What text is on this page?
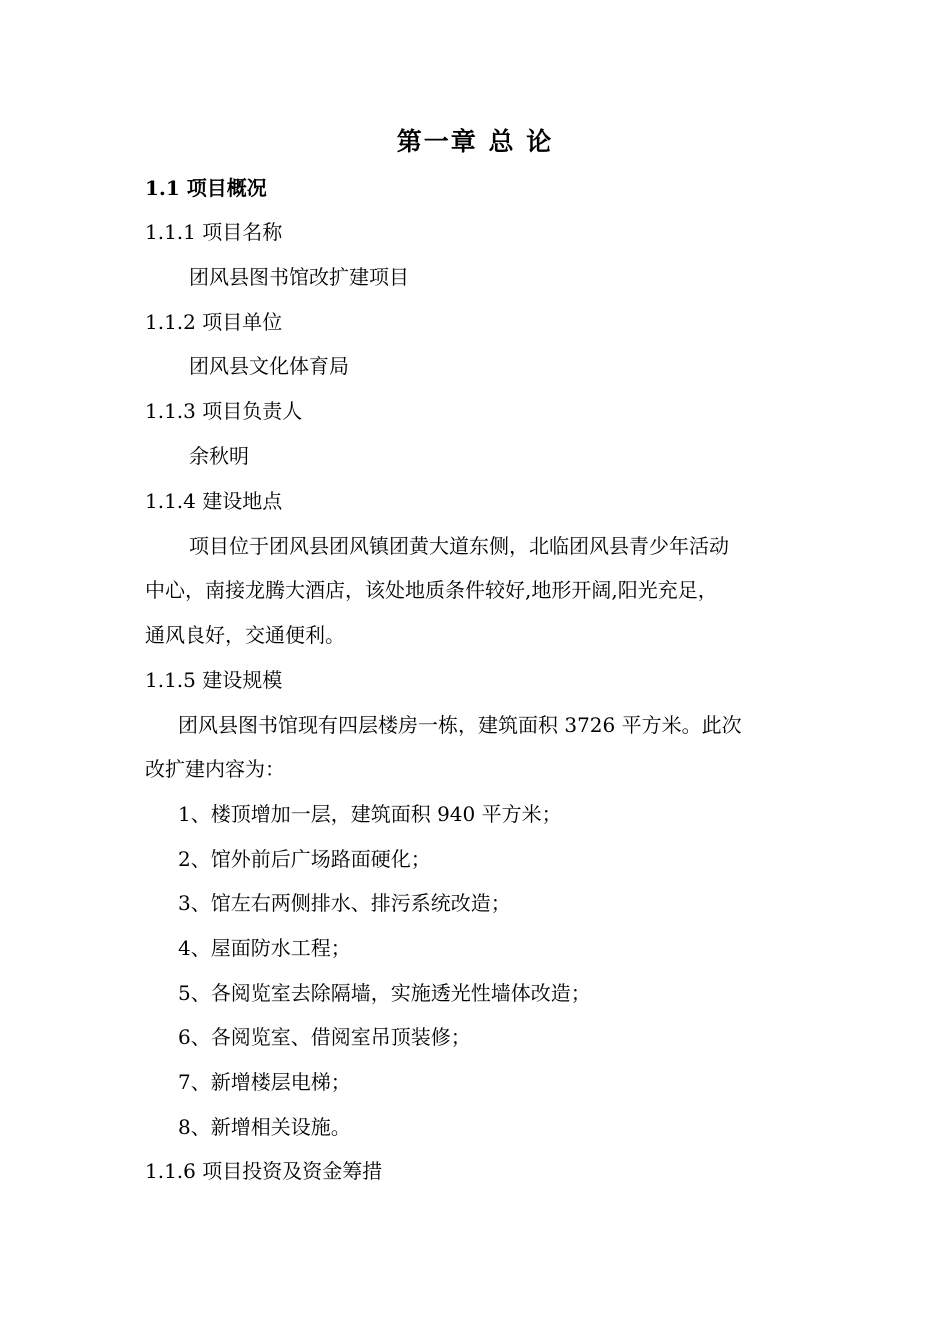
第一章 总 论
1.1 项目概况
1.1.1 项目名称
团风县图书馆改扩建项目
1.1.2 项目单位
团风县文化体育局
1.1.3 项目负责人
余秋明
1.1.4 建设地点
项目位于团风县团风镇团黄大道东侧，北临团风县青少年活动
中心，南接龙腾大酒店，该处地质条件较好,地形开阔,阳光充足，
通风良好，交通便利。
1.1.5 建设规模
团风县图书馆现有四层楼房一栋，建筑面积 3726 平方米。此次
改扩建内容为：
1、楼顶增加一层，建筑面积 940 平方米；
2、馆外前后广场路面硬化；
3、馆左右两侧排水、排污系统改造；
4、屋面防水工程；
5、各阅览室去除隔墙，实施透光性墙体改造；
6、各阅览室、借阅室吊顶装修；
7、新增楼层电梯；
8、新增相关设施。
1.1.6 项目投资及资金筹措
